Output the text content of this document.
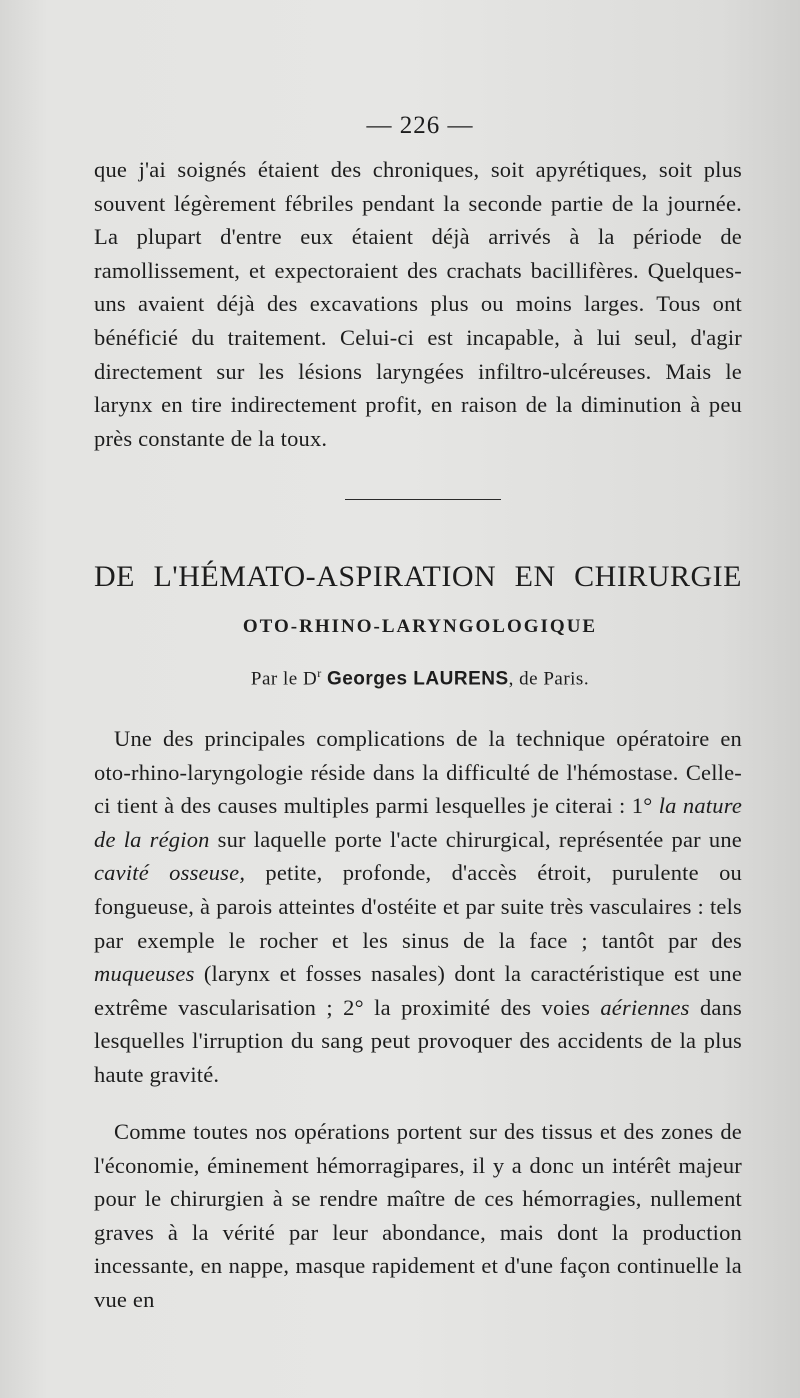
— 226 —

que j'ai soignés étaient des chroniques, soit apyrétiques, soit plus souvent légèrement fébriles pendant la seconde partie de la journée. La plupart d'entre eux étaient déjà arrivés à la période de ramollissement, et expectoraient des crachats bacillifères. Quelques-uns avaient déjà des excavations plus ou moins larges. Tous ont bénéficié du traitement. Celui-ci est incapable, à lui seul, d'agir directement sur les lésions laryngées infiltro-ulcéreuses. Mais le larynx en tire indirectement profit, en raison de la diminution à peu près constante de la toux.

DE L'HÉMATO-ASPIRATION EN CHIRURGIE
OTO-RHINO-LARYNGOLOGIQUE
Par le $D^r$ Georges LAURENS, de Paris.

Une des principales complications de la technique opératoire en oto-rhino-laryngologie réside dans la difficulté de l'hémostase. Celle-ci tient à des causes multiples parmi lesquelles je citerai : 1° la nature de la région sur laquelle porte l'acte chirurgical, représentée par une cavité osseuse, petite, profonde, d'accès étroit, purulente ou fongueuse, à parois atteintes d'ostéite et par suite très vasculaires : tels par exemple le rocher et les sinus de la face ; tantôt par des muqueuses (larynx et fosses nasales) dont la caractéristique est une extrême vascularisation ; 2° la proximité des voies aériennes dans lesquelles l'irruption du sang peut provoquer des accidents de la plus haute gravité.

Comme toutes nos opérations portent sur des tissus et des zones de l'économie, éminement hémorragipares, il y a donc un intérêt majeur pour le chirurgien à se rendre maître de ces hémorragies, nullement graves à la vérité par leur abondance, mais dont la production incessante, en nappe, masque rapidement et d'une façon continuelle la vue en
